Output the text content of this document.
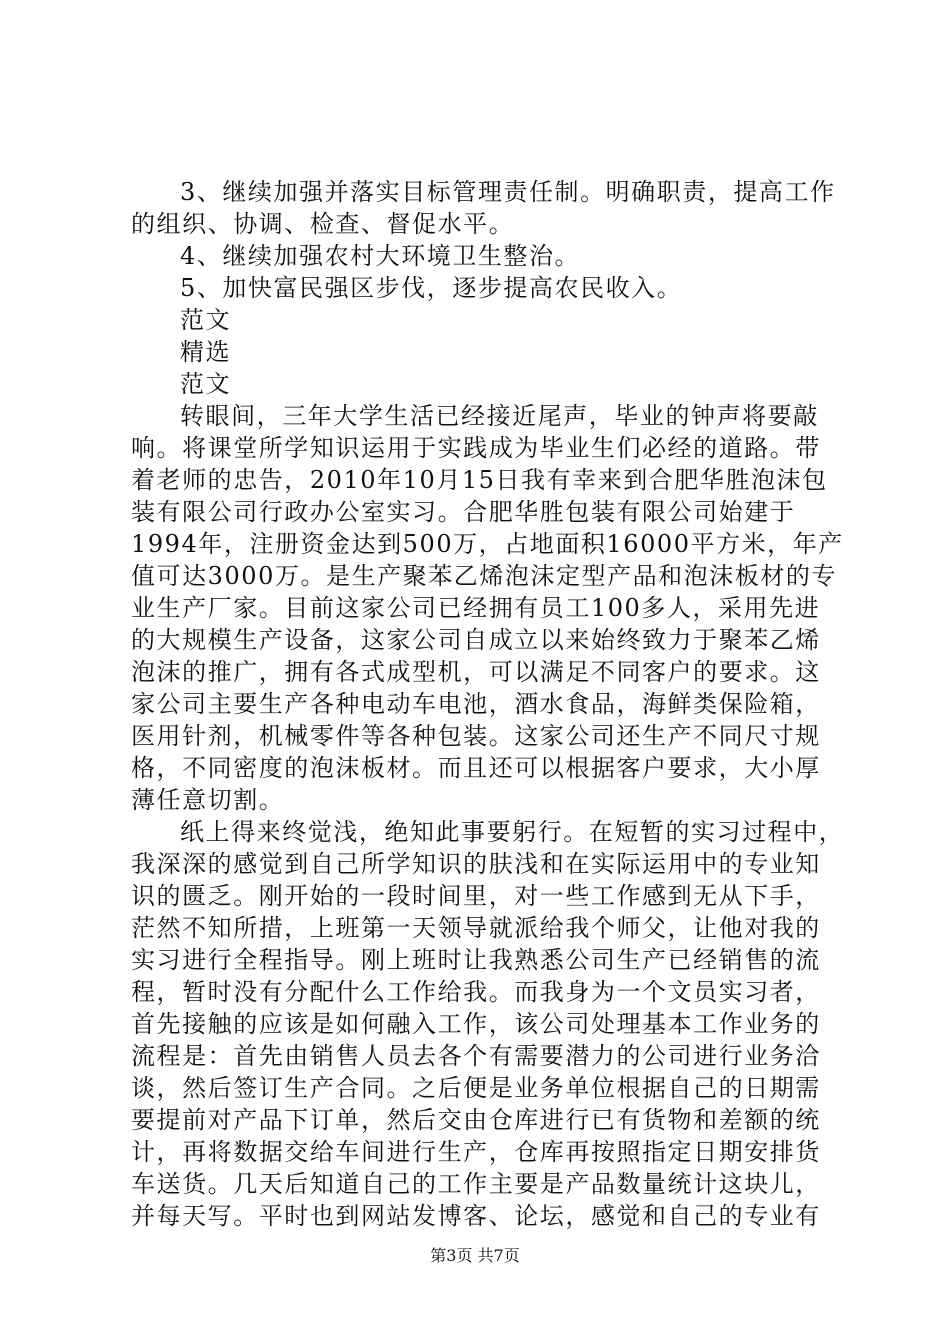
3、继续加强并落实目标管理责任制。明确职责，提高工作
的组织、协调、检查、督促水平。
4、继续加强农村大环境卫生整治。
5、加快富民强区步伐，逐步提高农民收入。
范文
精选
范文
转眼间，三年大学生活已经接近尾声，毕业的钟声将要敲
响。将课堂所学知识运用于实践成为毕业生们必经的道路。带
着老师的忠告，2010年10月15日我有幸来到合肥华胜泡沫包
装有限公司行政办公室实习。合肥华胜包装有限公司始建于
1994年，注册资金达到500万，占地面积16000平方米，年产
值可达3000万。是生产聚苯乙烯泡沫定型产品和泡沫板材的专
业生产厂家。目前这家公司已经拥有员工100多人，采用先进
的大规模生产设备，这家公司自成立以来始终致力于聚苯乙烯
泡沫的推广，拥有各式成型机，可以满足不同客户的要求。这
家公司主要生产各种电动车电池，酒水食品，海鲜类保险箱，
医用针剂，机械零件等各种包装。这家公司还生产不同尺寸规
格，不同密度的泡沫板材。而且还可以根据客户要求，大小厚
薄任意切割。
纸上得来终觉浅，绝知此事要躬行。在短暂的实习过程中，
我深深的感觉到自己所学知识的肤浅和在实际运用中的专业知
识的匮乏。刚开始的一段时间里，对一些工作感到无从下手，
茫然不知所措，上班第一天领导就派给我个师父，让他对我的
实习进行全程指导。刚上班时让我熟悉公司生产已经销售的流
程，暂时没有分配什么工作给我。而我身为一个文员实习者，
首先接触的应该是如何融入工作，该公司处理基本工作业务的
流程是：首先由销售人员去各个有需要潜力的公司进行业务洽
谈，然后签订生产合同。之后便是业务单位根据自己的日期需
要提前对产品下订单，然后交由仓库进行已有货物和差额的统
计，再将数据交给车间进行生产，仓库再按照指定日期安排货
车送货。几天后知道自己的工作主要是产品数量统计这块儿，
并每天写。平时也到网站发博客、论坛，感觉和自己的专业有
第3页 共7页
